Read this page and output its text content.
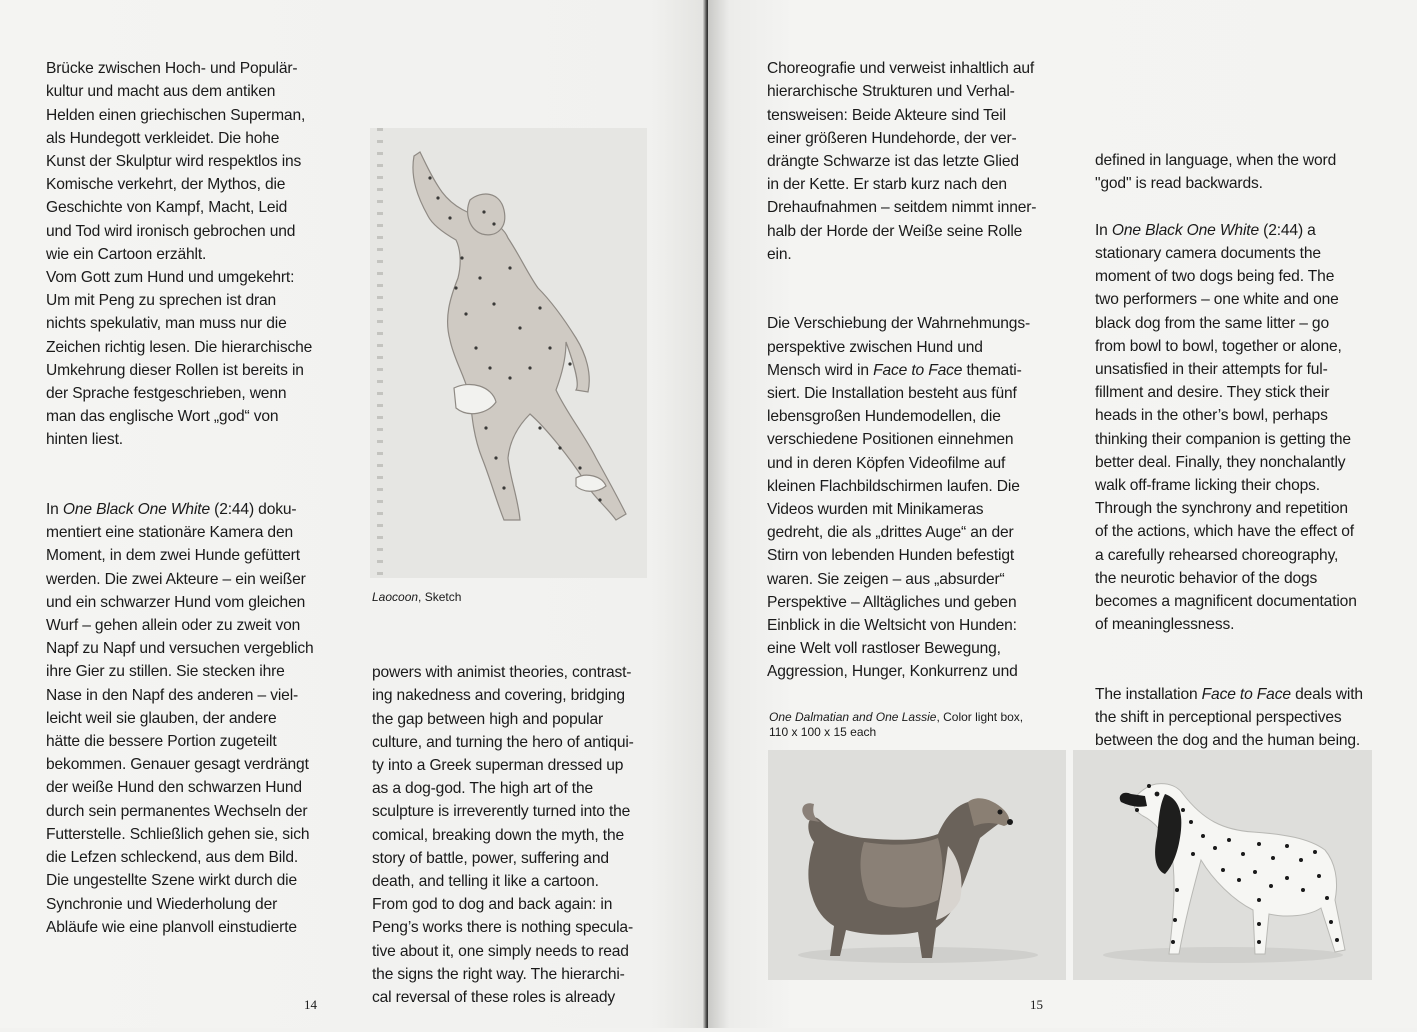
Brücke zwischen Hoch- und Populär-
kultur und macht aus dem antiken
Helden einen griechischen Superman,
als Hundegott verkleidet. Die hohe
Kunst der Skulptur wird respektlos ins
Komische verkehrt, der Mythos, die
Geschichte von Kampf, Macht, Leid
und Tod wird ironisch gebrochen und
wie ein Cartoon erzählt.
Vom Gott zum Hund und umgekehrt:
Um mit Peng zu sprechen ist dran
nichts spekulativ, man muss nur die
Zeichen richtig lesen. Die hierarchische
Umkehrung dieser Rollen ist bereits in
der Sprache festgeschrieben, wenn
man das englische Wort „god“ von
hinten liest.

In One Black One White (2:44) doku-
mentiert eine stationäre Kamera den
Moment, in dem zwei Hunde gefüttert
werden. Die zwei Akteure – ein weißer
und ein schwarzer Hund vom gleichen
Wurf – gehen allein oder zu zweit von
Napf zu Napf und versuchen vergeblich
ihre Gier zu stillen. Sie stecken ihre
Nase in den Napf des anderen – viel-
leicht weil sie glauben, der andere
hätte die bessere Portion zugeteilt
bekommen. Genauer gesagt verdrängt
der weiße Hund den schwarzen Hund
durch sein permanentes Wechseln der
Futterstelle. Schließlich gehen sie, sich
die Lefzen schleckend, aus dem Bild.
Die ungestellte Szene wirkt durch die
Synchronie und Wiederholung der
Abläufe wie eine planvoll einstudierte

Laocoon, Sketch

powers with animist theories, contrast-
ing nakedness and covering, bridging
the gap between high and popular
culture, and turning the hero of antiqui-
ty into a Greek superman dressed up
as a dog-god. The high art of the
sculpture is irreverently turned into the
comical, breaking down the myth, the
story of battle, power, suffering and
death, and telling it like a cartoon.
From god to dog and back again: in
Peng’s works there is nothing specula-
tive about it, one simply needs to read
the signs the right way. The hierarchi-
cal reversal of these roles is already

14

Choreografie und verweist inhaltlich auf
hierarchische Strukturen und Verhal-
tensweisen: Beide Akteure sind Teil
einer größeren Hundehorde, der ver-
drängte Schwarze ist das letzte Glied
in der Kette. Er starb kurz nach den
Drehaufnahmen – seitdem nimmt inner-
halb der Horde der Weiße seine Rolle
ein.

Die Verschiebung der Wahrnehmungs-
perspektive zwischen Hund und
Mensch wird in Face to Face themati-
siert. Die Installation besteht aus fünf
lebensgroßen Hundemodellen, die
verschiedene Positionen einnehmen
und in deren Köpfen Videofilme auf
kleinen Flachbildschirmen laufen. Die
Videos wurden mit Minikameras
gedreht, die als „drittes Auge“ an der
Stirn von lebenden Hunden befestigt
waren. Sie zeigen – aus „absurder“
Perspektive – Alltägliches und geben
Einblick in die Weltsicht von Hunden:
eine Welt voll rastloser Bewegung,
Aggression, Hunger, Konkurrenz und

defined in language, when the word
"god" is read backwards.

In One Black One White (2:44) a
stationary camera documents the
moment of two dogs being fed. The
two performers – one white and one
black dog from the same litter – go
from bowl to bowl, together or alone,
unsatisfied in their attempts for ful-
fillment and desire. They stick their
heads in the other’s bowl, perhaps
thinking their companion is getting the
better deal. Finally, they nonchalantly
walk off-frame licking their chops.
Through the synchrony and repetition
of the actions, which have the effect of
a carefully rehearsed choreography,
the neurotic behavior of the dogs
becomes a magnificent documentation
of meaninglessness.

The installation Face to Face deals with
the shift in perceptional perspectives
between the dog and the human being.

One Dalmatian and One Lassie, Color light box,
110 x 100 x 15 each
15
